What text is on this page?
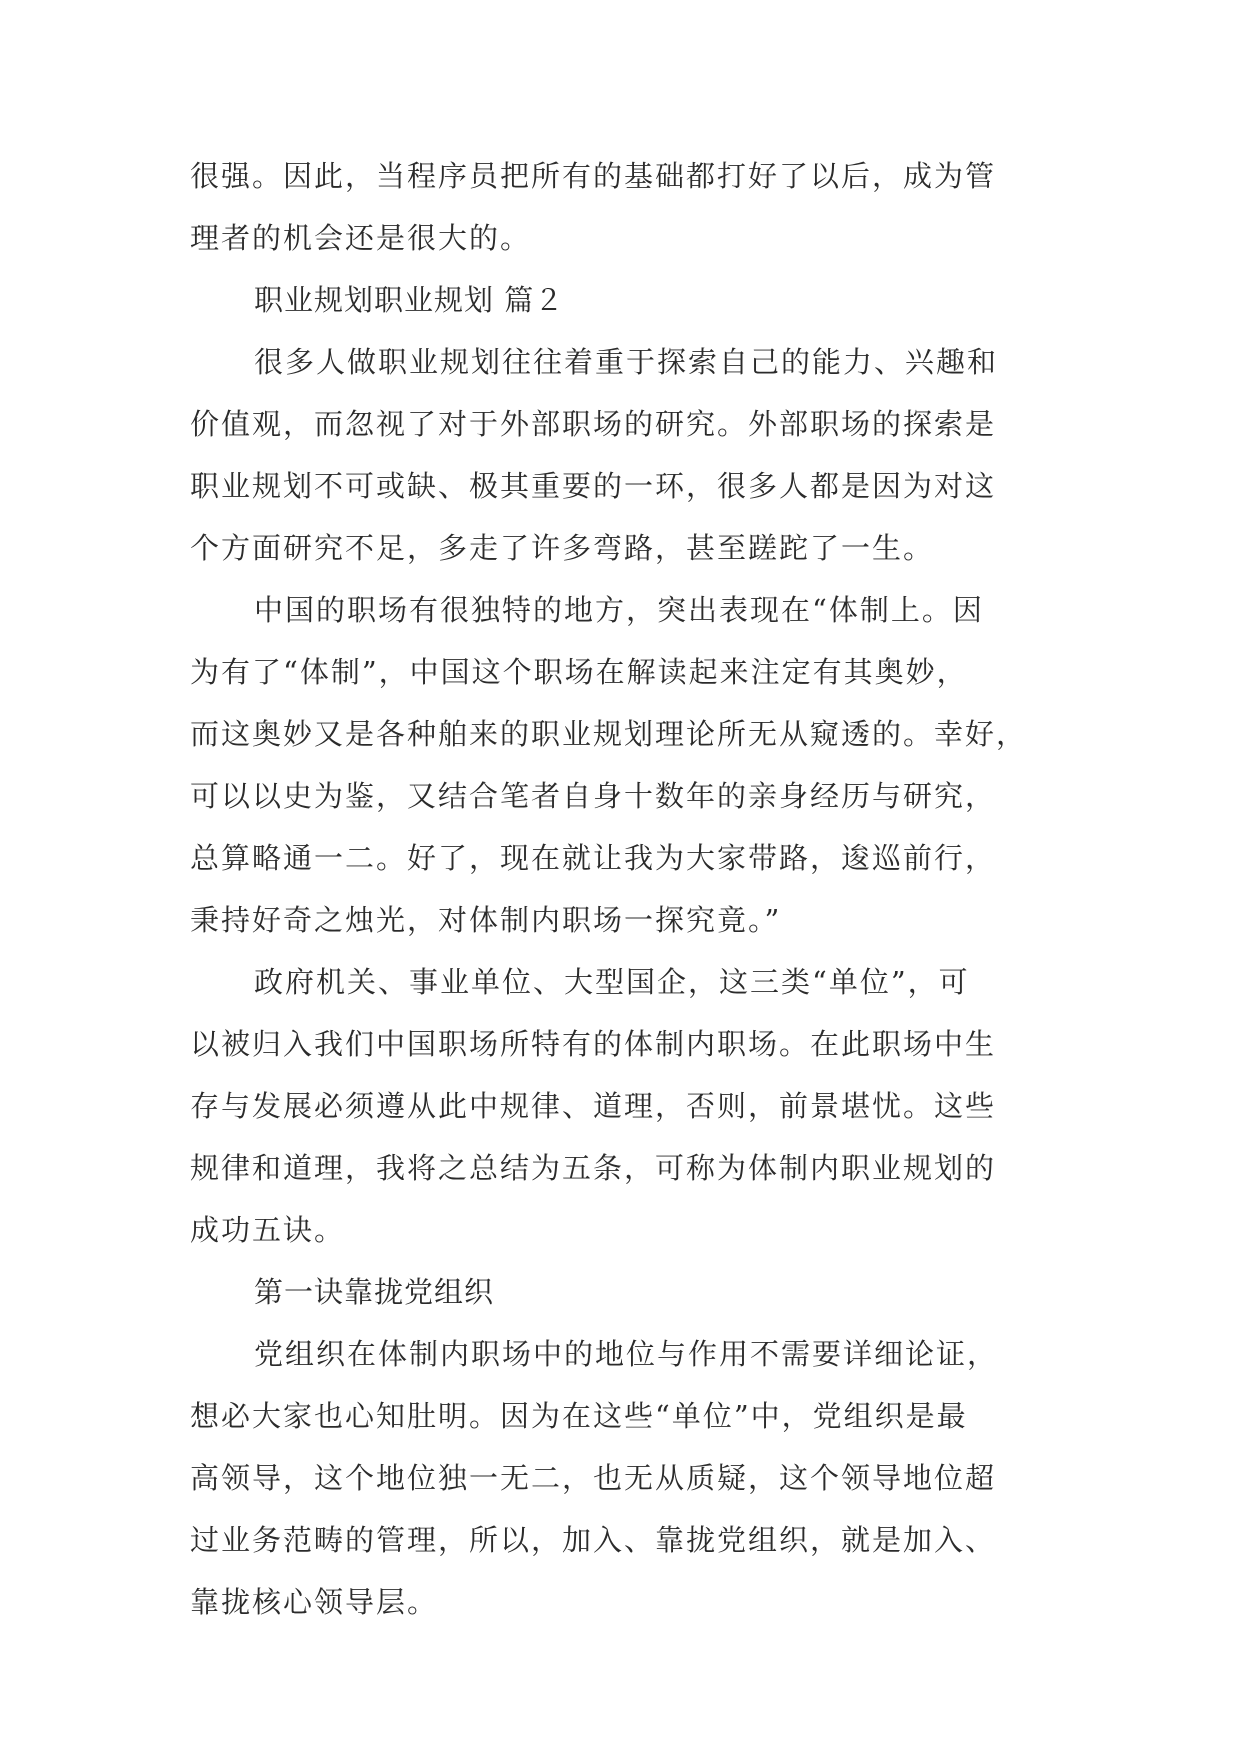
很强。因此，当程序员把所有的基础都打好了以后，成为管
理者的机会还是很大的。
职业规划职业规划 篇２
很多人做职业规划往往着重于探索自己的能力、兴趣和
价值观，而忽视了对于外部职场的研究。外部职场的探索是
职业规划不可或缺、极其重要的一环，很多人都是因为对这
个方面研究不足，多走了许多弯路，甚至蹉跎了一生。
中国的职场有很独特的地方，突出表现在“体制上。因
为有了“体制”，中国这个职场在解读起来注定有其奥妙，
而这奥妙又是各种舶来的职业规划理论所无从窥透的。幸好，
可以以史为鉴，又结合笔者自身十数年的亲身经历与研究，
总算略通一二。好了，现在就让我为大家带路，逡巡前行，
秉持好奇之烛光，对体制内职场一探究竟。”
政府机关、事业单位、大型国企，这三类“单位”，可
以被归入我们中国职场所特有的体制内职场。在此职场中生
存与发展必须遵从此中规律、道理，否则，前景堪忧。这些
规律和道理，我将之总结为五条，可称为体制内职业规划的
成功五诀。
第一诀靠拢党组织
党组织在体制内职场中的地位与作用不需要详细论证，
想必大家也心知肚明。因为在这些“单位”中，党组织是最
高领导，这个地位独一无二，也无从质疑，这个领导地位超
过业务范畴的管理，所以，加入、靠拢党组织，就是加入、
靠拢核心领导层。
